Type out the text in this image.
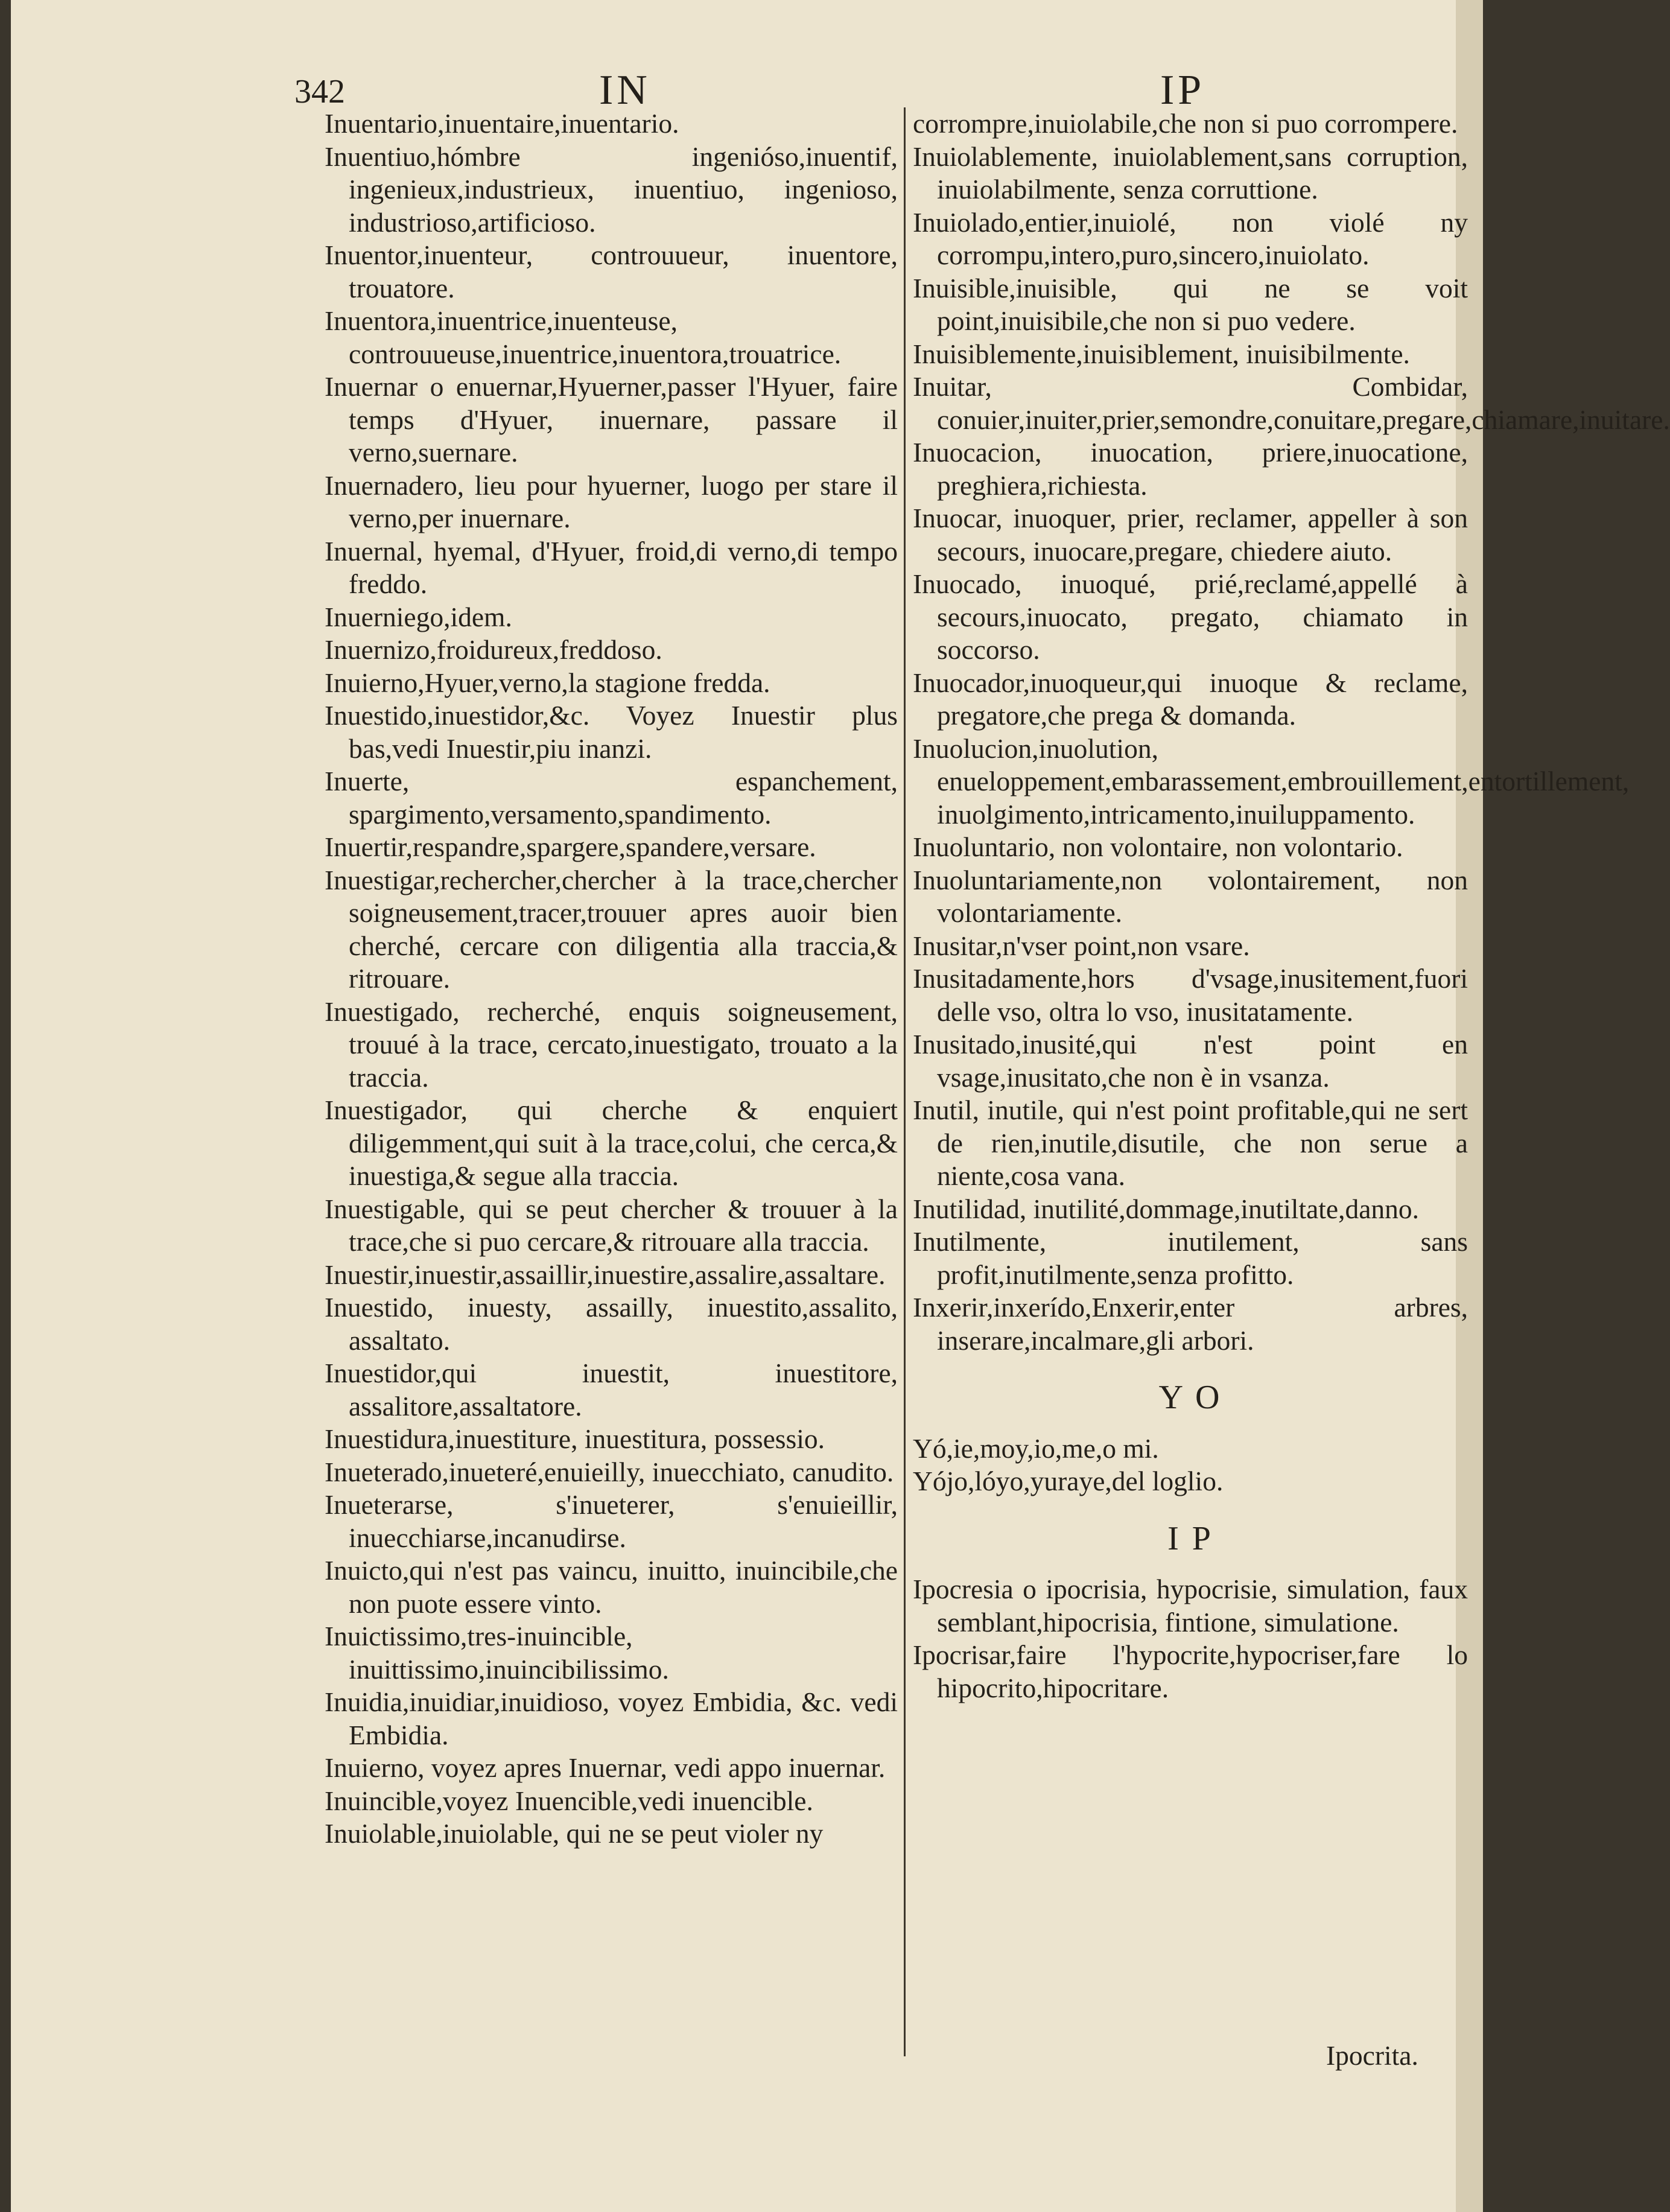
342	IN	IP

Inuentario,inuentaire,inuentario.

Inuentiuo,hómbre ingenióso,inuentif, ingenieux,industrieux, inuentiuo, ingenioso, industrioso,artificioso.

Inuentor,inuenteur, controuueur, inuentore, trouatore.

Inuentora,inuentrice,inuenteuse, controuueuse,inuentrice,inuentora,trouatrice.

Inuernar o enuernar,Hyuerner,passer l'Hyuer, faire temps d'Hyuer, inuernare, passare il verno,suernare.

Inuernadero, lieu pour hyuerner, luogo per stare il verno,per inuernare.

Inuernal, hyemal, d'Hyuer, froid,di verno,di tempo freddo.

Inuerniego,idem.

Inuernizo,froidureux,freddoso.

Inuierno,Hyuer,verno,la stagione fredda.

Inuestido,inuestidor,&c. Voyez Inuestir plus bas,vedi Inuestir,piu inanzi.

Inuerte, espanchement, spargimento,versamento,spandimento.

Inuertir,respandre,spargere,spandere,versare.

Inuestigar,rechercher,chercher à la trace,chercher soigneusement,tracer,trouuer apres auoir bien cherché, cercare con diligentia alla traccia,& ritrouare.

Inuestigado, recherché, enquis soigneusement, trouué à la trace, cercato,inuestigato, trouato a la traccia.

Inuestigador, qui cherche & enquiert diligemment,qui suit à la trace,colui, che cerca,& inuestiga,& segue alla traccia.

Inuestigable, qui se peut chercher & trouuer à la trace,che si puo cercare,& ritrouare alla traccia.

Inuestir,inuestir,assaillir,inuestire,assalire,assaltare.

Inuestido, inuesty, assailly, inuestito,assalito, assaltato.

Inuestidor,qui inuestit, inuestitore, assalitore,assaltatore.

Inuestidura,inuestiture, inuestitura, possessio.

Inueterado,inueteré,enuieilly, inuecchiato, canudito.

Inueterarse, s'inueterer, s'enuieillir, inuecchiarse,incanudirse.

Inuicto,qui n'est pas vaincu, inuitto, inuincibile,che non puote essere vinto.

Inuictissimo,tres-inuincible, inuittissimo,inuincibilissimo.

Inuidia,inuidiar,inuidioso, voyez Embidia, &c. vedi Embidia.

Inuierno, voyez apres Inuernar, vedi appo inuernar.

Inuincible,voyez Inuencible,vedi inuencible.

Inuiolable,inuiolable, qui ne se peut violer ny

corrompre,inuiolabile,che non si puo corrompere.

Inuiolablemente, inuiolablement,sans corruption, inuiolabilmente, senza corruttione.

Inuiolado,entier,inuiolé, non violé ny corrompu,intero,puro,sincero,inuiolato.

Inuisible,inuisible, qui ne se voit point,inuisibile,che non si puo vedere.

Inuisiblemente,inuisiblement, inuisibilmente.

Inuitar, Combidar, conuier,inuiter,prier,semondre,conuitare,pregare,chiamare,inuitare.

Inuocacion, inuocation, priere,inuocatione, preghiera,richiesta.

Inuocar, inuoquer, prier, reclamer, appeller à son secours, inuocare,pregare, chiedere aiuto.

Inuocado, inuoqué, prié,reclamé,appellé à secours,inuocato, pregato, chiamato in soccorso.

Inuocador,inuoqueur,qui inuoque & reclame, pregatore,che prega & domanda.

Inuolucion,inuolution, enueloppement,embarassement,embrouillement,entortillement, inuolgimento,intricamento,inuiluppamento.

Inuoluntario, non volontaire, non volontario.

Inuoluntariamente,non volontairement, non volontariamente.

Inusitar,n'vser point,non vsare.

Inusitadamente,hors d'vsage,inusitement,fuori delle vso, oltra lo vso, inusitatamente.

Inusitado,inusité,qui n'est point en vsage,inusitato,che non è in vsanza.

Inutil, inutile, qui n'est point profitable,qui ne sert de rien,inutile,disutile, che non serue a niente,cosa vana.

Inutilidad, inutilité,dommage,inutiltate,danno.

Inutilmente, inutilement, sans profit,inutilmente,senza profitto.

Inxerir,inxerído,Enxerir,enter arbres, inserare,incalmare,gli arbori.

Y O

Yó,ie,moy,io,me,o mi.

Yójo,lóyo,yuraye,del loglio.

I P

Ipocresia o ipocrisia, hypocrisie, simulation, faux semblant,hipocrisia, fintione, simulatione.

Ipocrisar,faire l'hypocrite,hypocriser,fare lo hipocrito,hipocritare.

Ipocrita.
